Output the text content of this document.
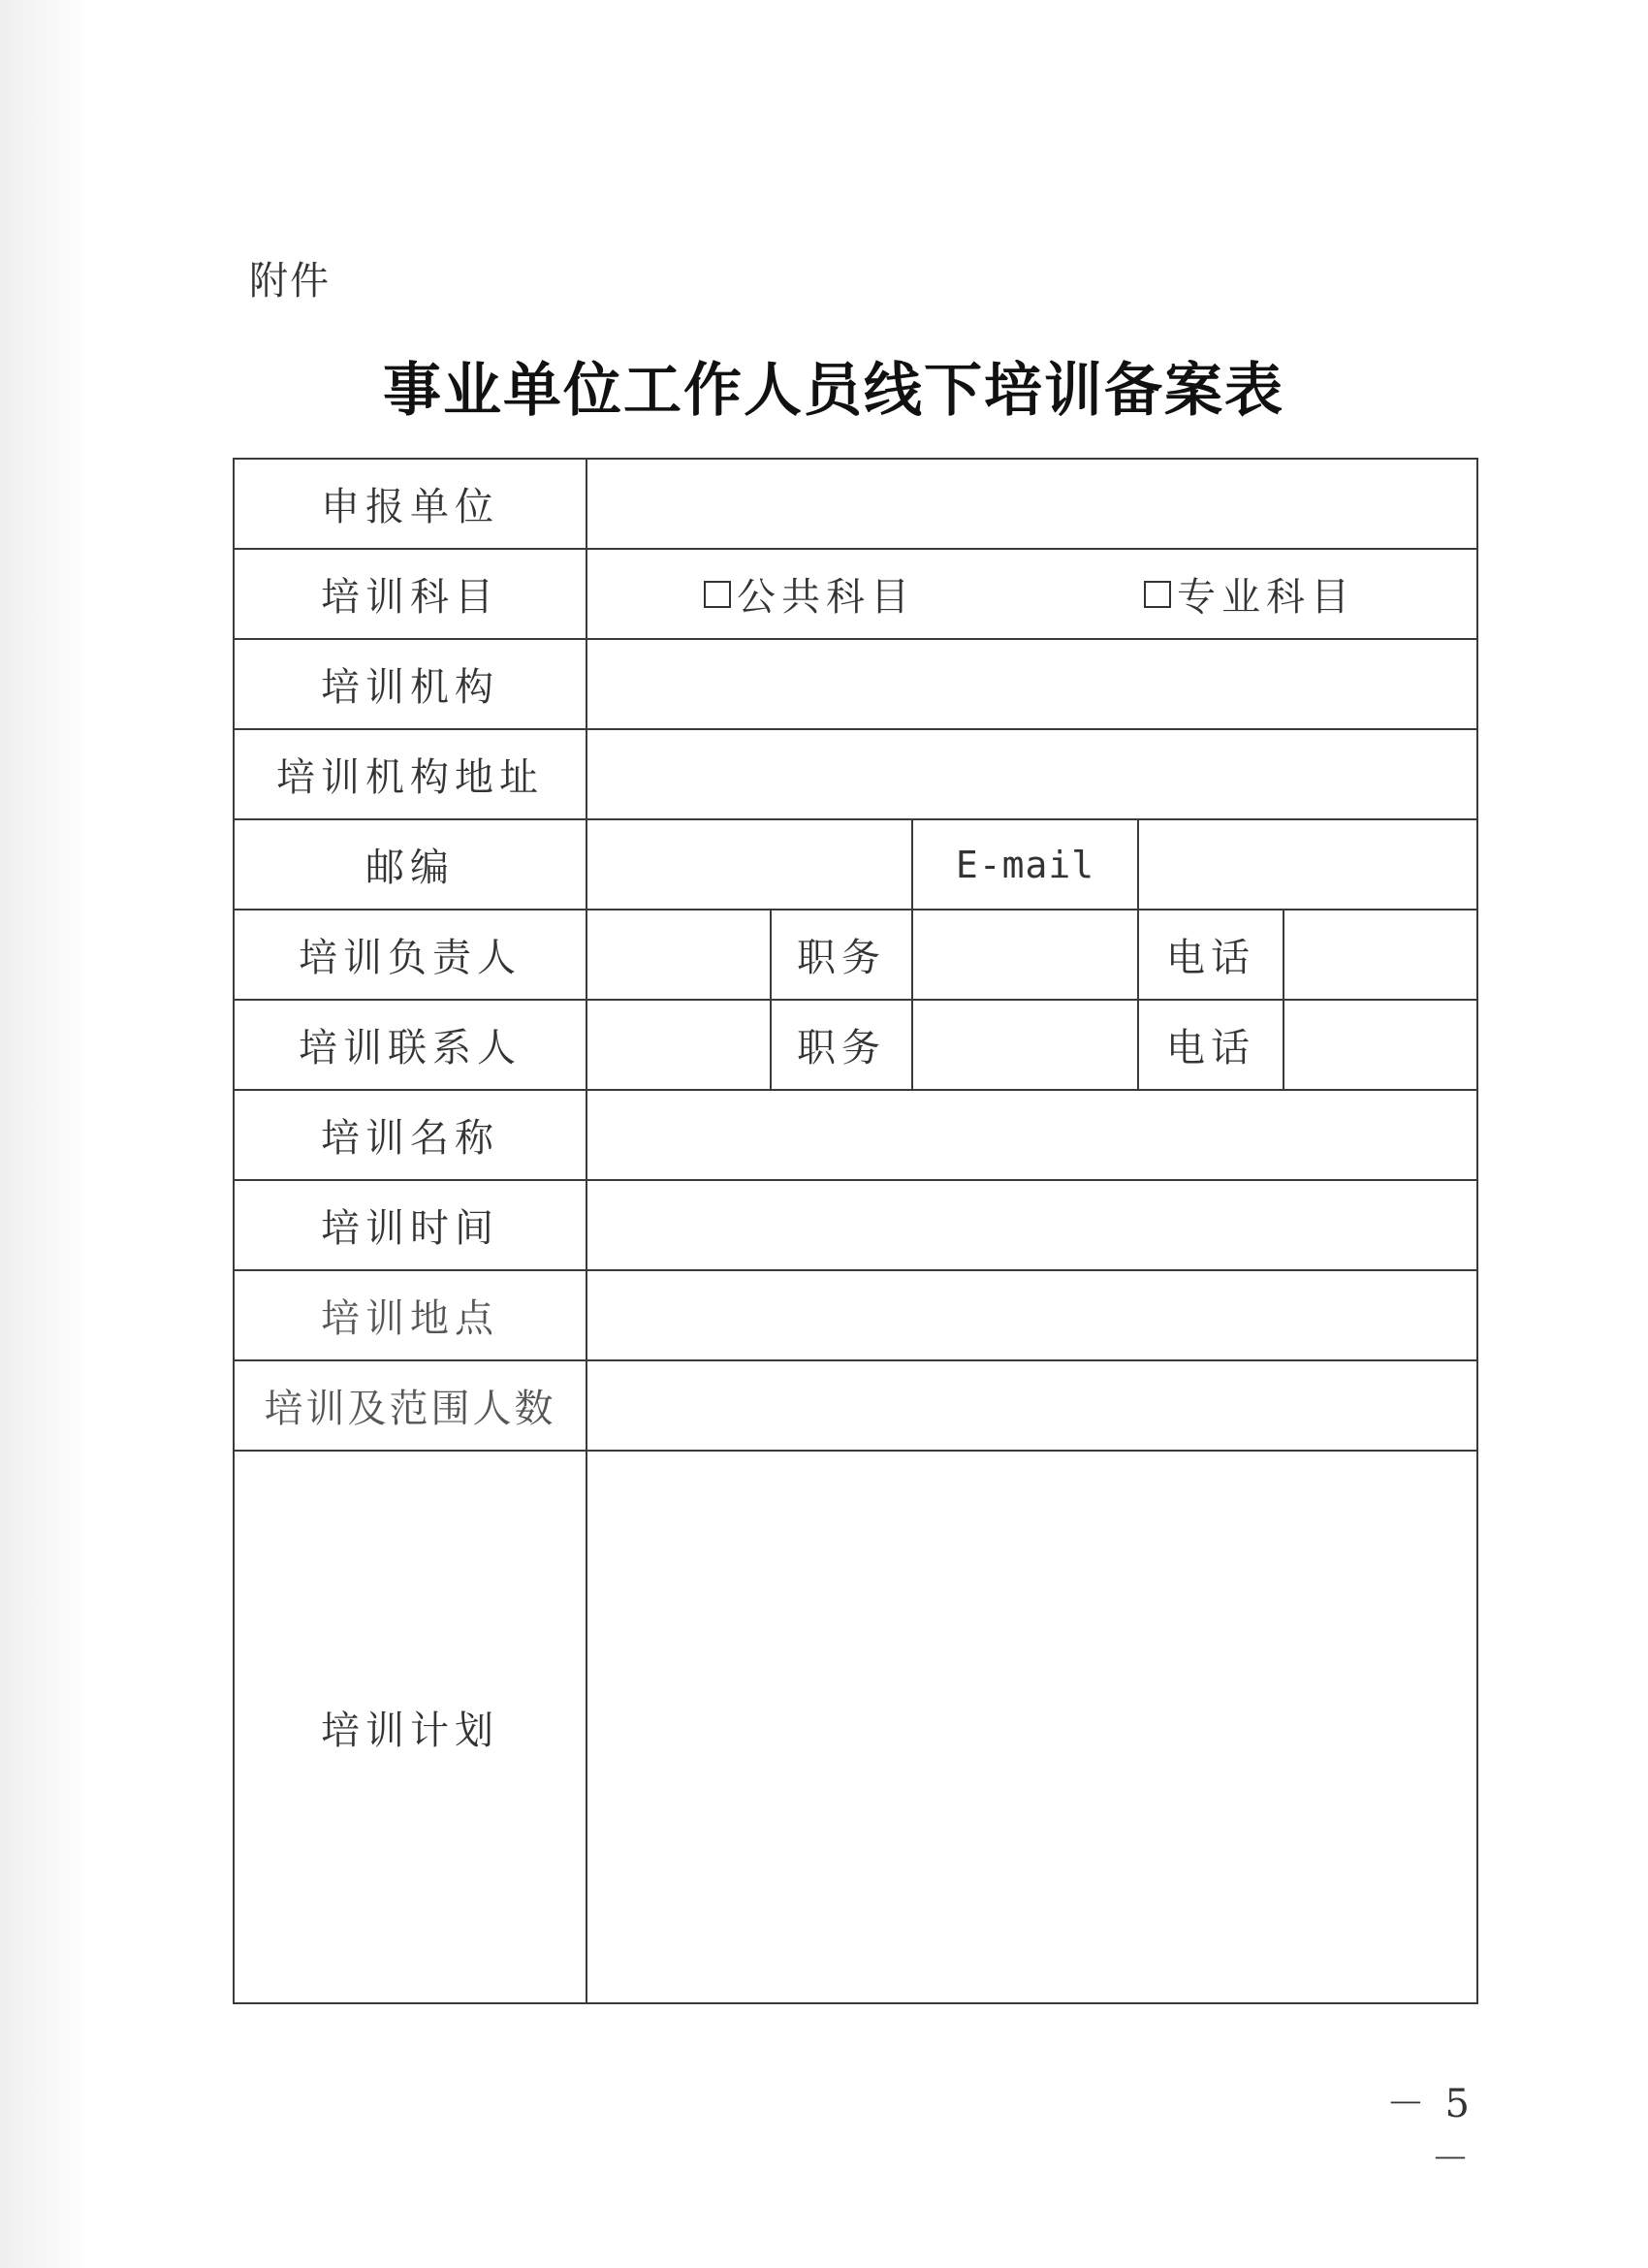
附件
事业单位工作人员线下培训备案表
申报单位					
培训科目	公共科目 专业科目				

培训机构					
培训机构地址					
邮编			E-mail		
培训负责人		职务		电话	
培训联系人		职务		电话	
培训名称					
培训时间					
培训地点					
培训及范围人数					
培训计划					
－ 5 －
